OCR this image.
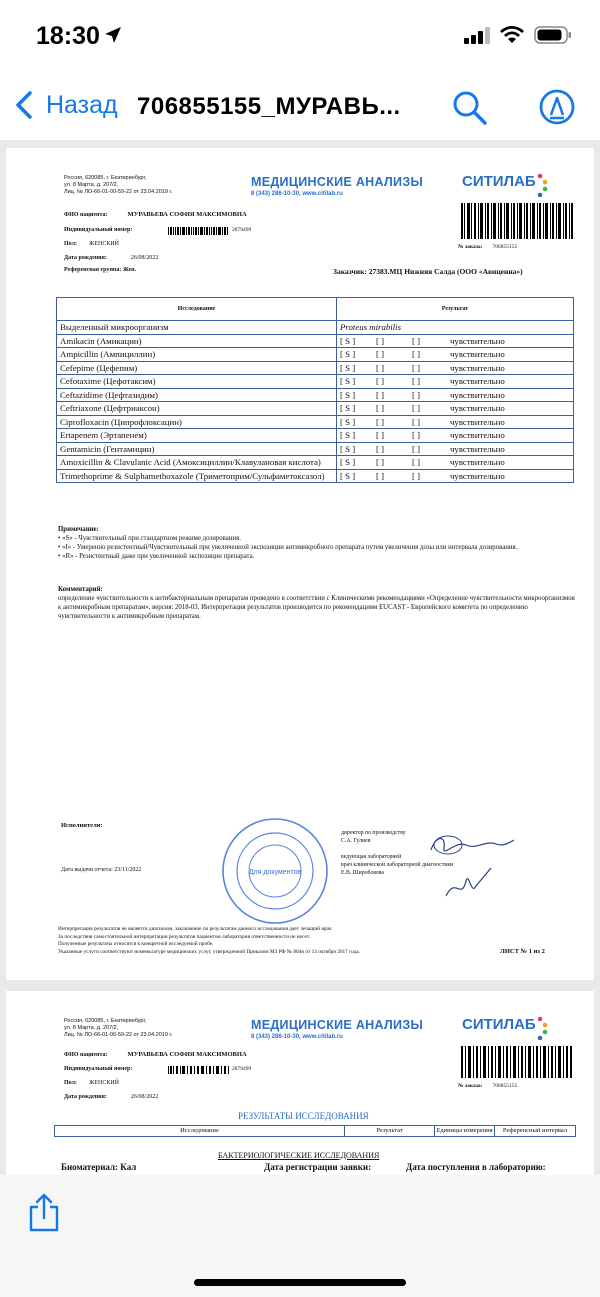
18:30
Назад 706855155_МУРАВЬ...
Россия, 620085, г. Екатеринбург,
ул. 8 Марта, д. 207/2,
Лиц. № ЛО-66-01-00-59-22 от 23.04.2019 г.
МЕДИЦИНСКИЕ АНАЛИЗЫ
8 (343) 286-10-30, www.citilab.ru
СИТИЛАБ
ФИО пациента:	МУРАВЬЕВА СОФИЯ МАКСИМОВНА
Индивидуальный номер:	2879499
Пол: ЖЕНСКИЙ
Дата рождения:	26/08/2022
Референсная группа: Жен.
№ заказа: 706855155
Заказчик: 27383.МЦ Нижняя Салда (ООО «Авиценна»)
Исследование	Результат
Выделенный микроорганизм	Proteus mirabilis
Amikacin (Амикацин)	[ S ] [ ] [ ] чувствительно
Ampicillin (Ампициллин)	[ S ] [ ] [ ] чувствительно
Cefepime (Цефепим)	[ S ] [ ] [ ] чувствительно
Cefotaxime (Цефотаксим)	[ S ] [ ] [ ] чувствительно
Ceftazidime (Цефтазидим)	[ S ] [ ] [ ] чувствительно
Ceftriaxone (Цефтриаксон)	[ S ] [ ] [ ] чувствительно
Ciprofloxacin (Ципрофлоксацин)	[ S ] [ ] [ ] чувствительно
Ertapenem (Эртапенем)	[ S ] [ ] [ ] чувствительно
Gentamicin (Гентамицин)	[ S ] [ ] [ ] чувствительно
Amoxicillin & Clavulanic Acid (Амоксициллин/Клавулановая кислота)	[ S ] [ ] [ ] чувствительно
Trimethoprime & Sulphamethoxazole (Триметоприм/Сульфаметоксазол)	[ S ] [ ] [ ] чувствительно
Примечание:
• «S» - Чувствительный при стандартном режиме дозирования.
• «I» - Умеренно резистентный/Чувствительный при увеличенной экспозиции антимикробного препарата путем увеличения дозы или интервала дозирования.
• «R» - Резистентный даже при увеличенной экспозиции препарата.
Комментарий:
определение чувствительности к антибактериальным препаратам проведено в соответствии с Клиническими рекомендациями «Определение чувствительности микроорганизмов к антимикробным препаратам», версия: 2018-03. Интерпретация результатов производится по рекомендациям EUCAST - Европейского комитета по определению чувствительности к антимикробным препаратам.
Исполнители:
Дата выдачи отчета: 23/11/2022	Для документов
директор по производству
С.А. Гулиев
ведующая лабораторией
врач клинической лабораторной диагностики
Е.В. Широбокова
Интерпретация результатов не является диагнозом, заключение по результатам данного исследования дает лечащий врач.
За последствия самостоятельной интерпретации результатов пациентом лаборатория ответственности не несет.
Полученные результаты относятся к конкретной исследуемой пробе.
Указанные услуги соответствуют номенклатуре медицинских услуг, утвержденной Приказом МЗ РФ № 804н от 13 октября 2017 года.	ЛИСТ № 1 из 2
Россия, 620085, г. Екатеринбург,
ул. 8 Марта, д. 207/2,
Лиц. № ЛО-66-01-00-59-22 от 23.04.2019 г.
МЕДИЦИНСКИЕ АНАЛИЗЫ
8 (343) 286-10-30, www.citilab.ru
СИТИЛАБ
ФИО пациента:	МУРАВЬЕВА СОФИЯ МАКСИМОВНА
Индивидуальный номер:	2879499
Пол: ЖЕНСКИЙ
Дата рождения:	26/08/2022
№ заказа: 706855155
РЕЗУЛЬТАТЫ ИССЛЕДОВАНИЯ
Исследование	Результат	Единицы измерения	Референсный интервал
БАКТЕРИОЛОГИЧЕСКИЕ ИССЛЕДОВАНИЯ
Биоматериал: Кал	Дата регистрации заявки:	Дата поступления в лабораторию:
